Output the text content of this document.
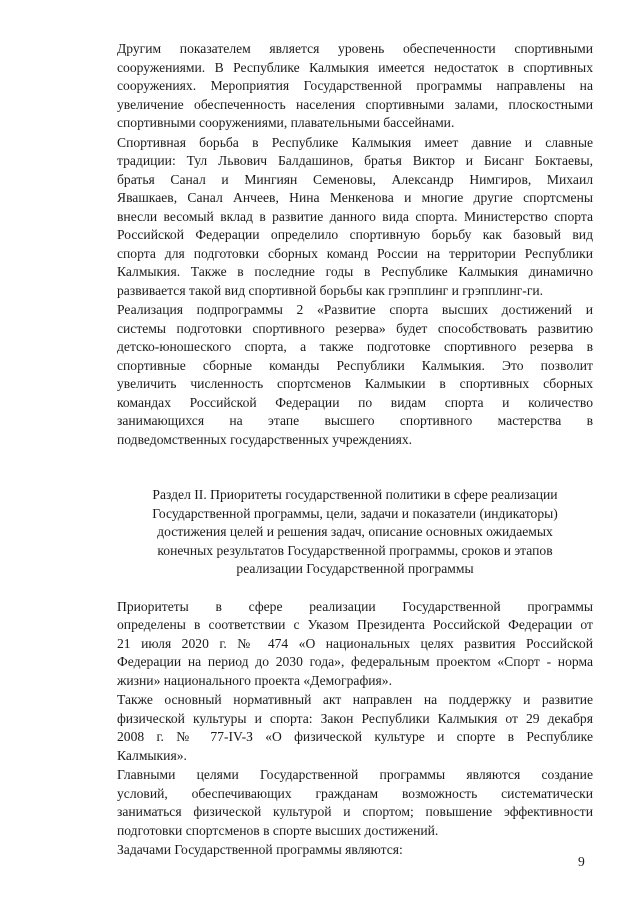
Другим показателем является уровень обеспеченности спортивными
сооружениями. В Республике Калмыкия имеется недостаток в спортивных
сооружениях. Мероприятия Государственной программы направлены на
увеличение обеспеченность населения спортивными залами, плоскостными
спортивными сооружениями, плавательными бассейнами.

Спортивная борьба в Республике Калмыкия имеет давние и славные
традиции: Тул Львович Балдашинов, братья Виктор и Бисанг Боктаевы,
братья Санал и Мингиян Семеновы, Александр Нимгиров, Михаил
Явашкаев, Санал Анчеев, Нина Менкенова и многие другие спортсмены
внесли весомый вклад в развитие данного вида спорта. Министерство спорта
Российской Федерации определило спортивную борьбу как базовый вид
спорта для подготовки сборных команд России на территории Республики
Калмыкия. Также в последние годы в Республике Калмыкия динамично
развивается такой вид спортивной борьбы как грэпплинг и грэпплинг-ги.

Реализация подпрограммы 2 «Развитие спорта высших достижений и
системы подготовки спортивного резерва» будет способствовать развитию
детско-юношеского спорта, а также подготовке спортивного резерва в
спортивные сборные команды Республики Калмыкия. Это позволит
увеличить численность спортсменов Калмыкии в спортивных сборных
командах Российской Федерации по видам спорта и количество
занимающихся на этапе высшего спортивного мастерства в
подведомственных государственных учреждениях.

Раздел II. Приоритеты государственной политики в сфере реализации
Государственной программы, цели, задачи и показатели (индикаторы)
достижения целей и решения задач, описание основных ожидаемых
конечных результатов Государственной программы, сроков и этапов
реализации Государственной программы

Приоритеты в сфере реализации Государственной программы
определены в соответствии с Указом Президента Российской Федерации от
21 июля 2020 г. № 474 «О национальных целях развития Российской
Федерации на период до 2030 года», федеральным проектом «Спорт - норма
жизни» национального проекта «Демография».

Также основный нормативный акт направлен на поддержку и развитие
физической культуры и спорта: Закон Республики Калмыкия от 29 декабря
2008 г. № 77-IV-З «О физической культуре и спорте в Республике
Калмыкия».

Главными целями Государственной программы являются создание
условий, обеспечивающих гражданам возможность систематически
заниматься физической культурой и спортом; повышение эффективности
подготовки спортсменов в спорте высших достижений.

Задачами Государственной программы являются:

9
